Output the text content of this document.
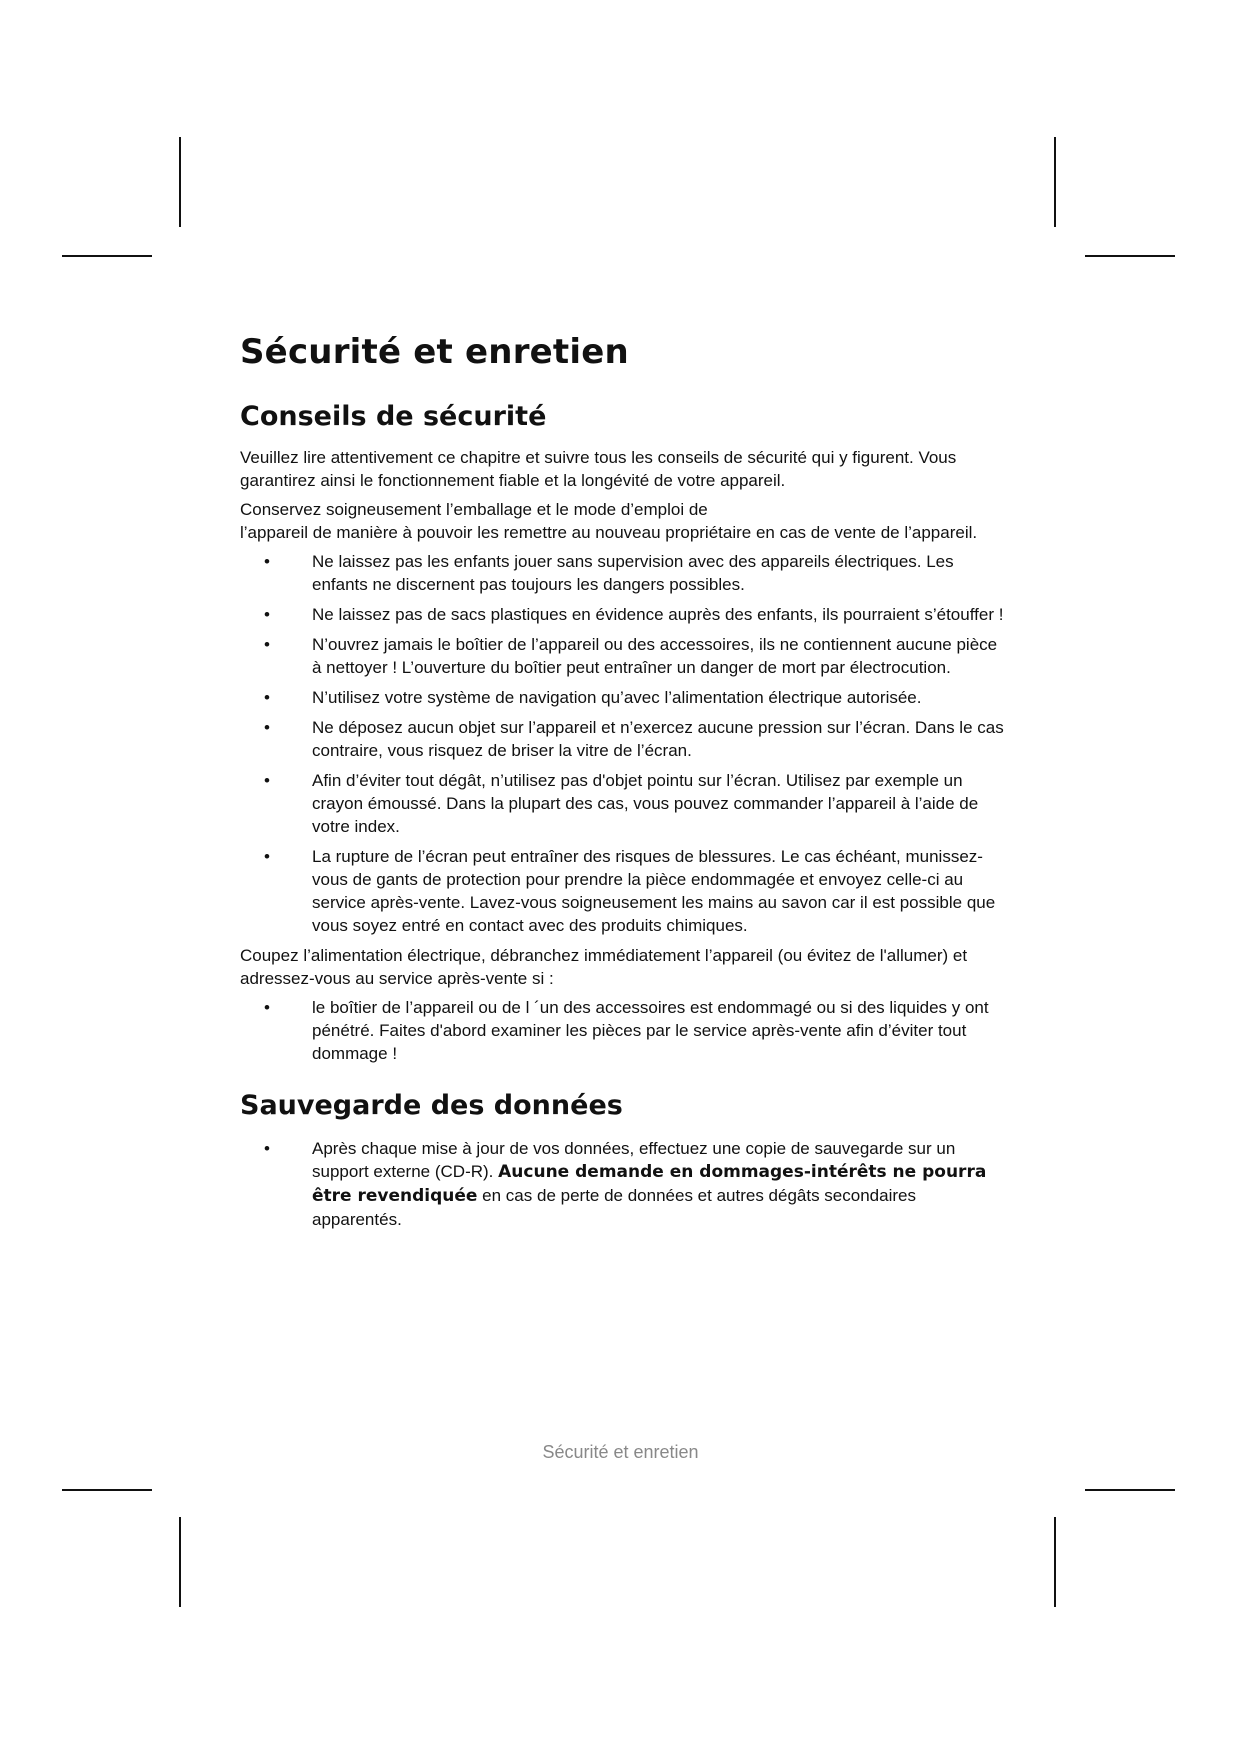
Sécurité et enretien
Conseils de sécurité

Veuillez lire attentivement ce chapitre et suivre tous les conseils de sécurité qui y figurent. Vous garantirez ainsi le fonctionnement fiable et la longévité de votre appareil.

Conservez soigneusement l’emballage et le mode d’emploi de
l’appareil de manière à pouvoir les remettre au nouveau propriétaire en cas de vente de l’appareil.

• Ne laissez pas les enfants jouer sans supervision avec des appareils électriques. Les enfants ne discernent pas toujours les dangers possibles.
• Ne laissez pas de sacs plastiques en évidence auprès des enfants, ils pourraient s’étouffer !
• N’ouvrez jamais le boîtier de l’appareil ou des accessoires, ils ne contiennent aucune pièce à nettoyer ! L’ouverture du boîtier peut entraîner un danger de mort par électrocution.
• N’utilisez votre système de navigation qu’avec l’alimentation électrique autorisée.
• Ne déposez aucun objet sur l’appareil et n’exercez aucune pression sur l’écran. Dans le cas contraire, vous risquez de briser la vitre de l’écran.
• Afin d’éviter tout dégât, n’utilisez pas d'objet pointu sur l’écran. Utilisez par exemple un crayon émoussé. Dans la plupart des cas, vous pouvez commander l’appareil à l’aide de votre index.
• La rupture de l’écran peut entraîner des risques de blessures. Le cas échéant, munissez-vous de gants de protection pour prendre la pièce endommagée et envoyez celle-ci au service après-vente. Lavez-vous soigneusement les mains au savon car il est possible que vous soyez entré en contact avec des produits chimiques.

Coupez l’alimentation électrique, débranchez immédiatement l’appareil (ou évitez de l'allumer) et adressez-vous au service après-vente si :

• le boîtier de l’appareil ou de l ´un des accessoires est endommagé ou si des liquides y ont pénétré. Faites d'abord examiner les pièces par le service après-vente afin d’éviter tout dommage !
Sauvegarde des données
• Après chaque mise à jour de vos données, effectuez une copie de sauvegarde sur un support externe (CD-R). Aucune demande en dommages-intérêts ne pourra être revendiquée en cas de perte de données et autres dégâts secondaires apparentés.
Sécurité et enretien
